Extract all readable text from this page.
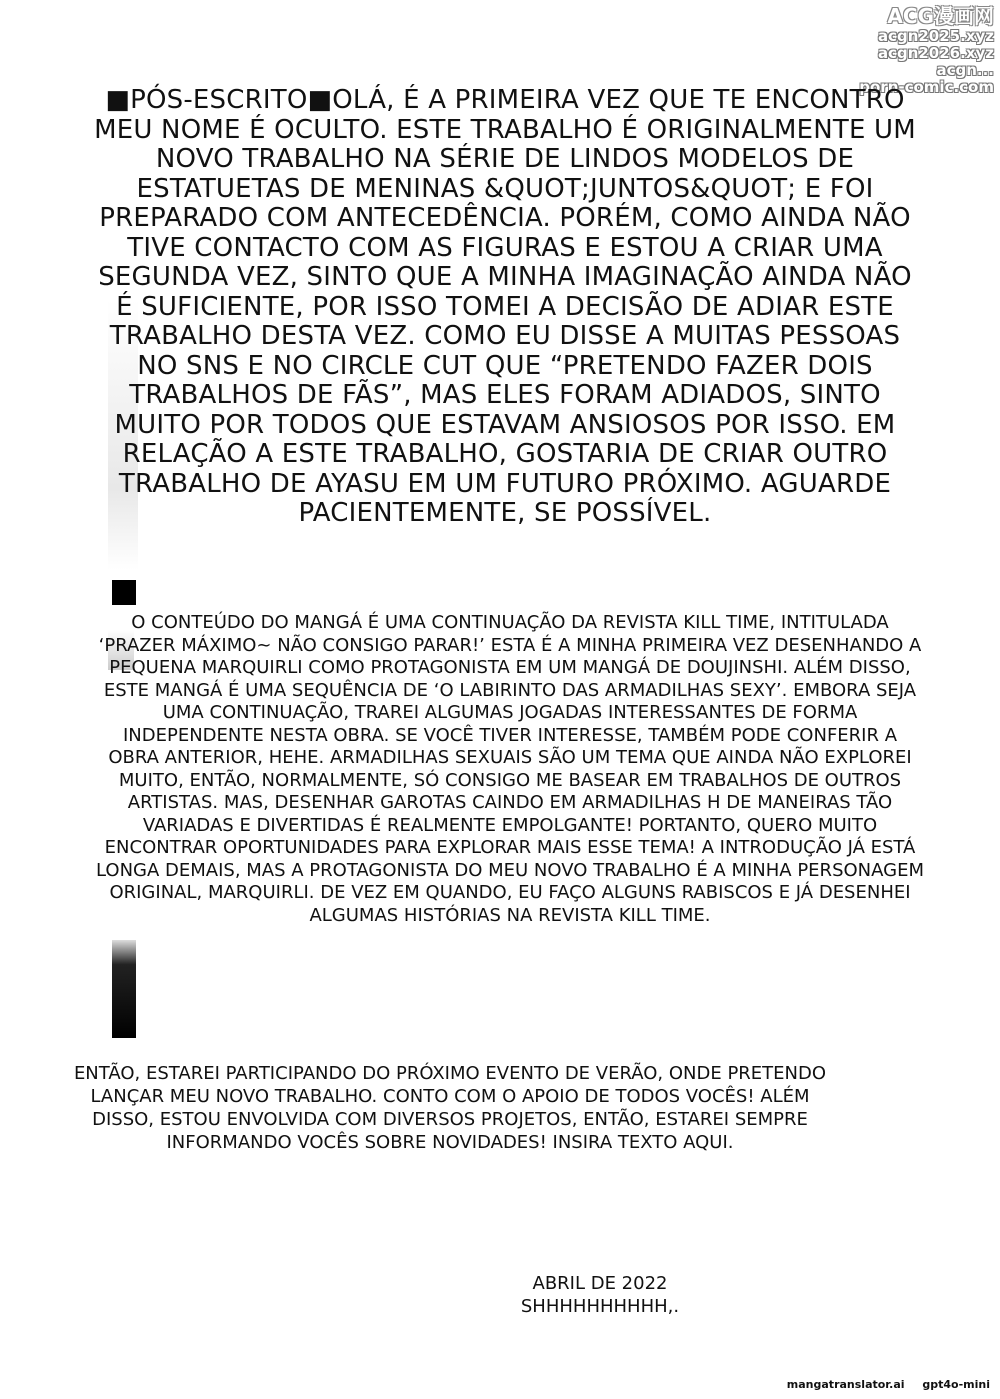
ACG漫画网
acgn2025.xyz
acgn2026.xyz
acgn...
porn-comic.com
■PÓS-ESCRITO■OLÁ, É A PRIMEIRA VEZ QUE TE ENCONTRO MEU NOME É OCULTO. ESTE TRABALHO É ORIGINALMENTE UM NOVO TRABALHO NA SÉRIE DE LINDOS MODELOS DE ESTATUETAS DE MENINAS &QUOT;JUNTOS&QUOT; E FOI PREPARADO COM ANTECEDÊNCIA. PORÉM, COMO AINDA NÃO TIVE CONTACTO COM AS FIGURAS E ESTOU A CRIAR UMA SEGUNDA VEZ, SINTO QUE A MINHA IMAGINAÇÃO AINDA NÃO É SUFICIENTE, POR ISSO TOMEI A DECISÃO DE ADIAR ESTE TRABALHO DESTA VEZ. COMO EU DISSE A MUITAS PESSOAS NO SNS E NO CIRCLE CUT QUE “PRETENDO FAZER DOIS TRABALHOS DE FÃS”, MAS ELES FORAM ADIADOS, SINTO MUITO POR TODOS QUE ESTAVAM ANSIOSOS POR ISSO. EM RELAÇÃO A ESTE TRABALHO, GOSTARIA DE CRIAR OUTRO TRABALHO DE AYASU EM UM FUTURO PRÓXIMO. AGUARDE PACIENTEMENTE, SE POSSÍVEL.
O CONTEÚDO DO MANGÁ É UMA CONTINUAÇÃO DA REVISTA KILL TIME, INTITULADA ‘PRAZER MÁXIMO~ NÃO CONSIGO PARAR!’ ESTA É A MINHA PRIMEIRA VEZ DESENHANDO A PEQUENA MARQUIRLI COMO PROTAGONISTA EM UM MANGÁ DE DOUJINSHI. ALÉM DISSO, ESTE MANGÁ É UMA SEQUÊNCIA DE ‘O LABIRINTO DAS ARMADILHAS SEXY’. EMBORA SEJA UMA CONTINUAÇÃO, TRAREI ALGUMAS JOGADAS INTERESSANTES DE FORMA INDEPENDENTE NESTA OBRA. SE VOCÊ TIVER INTERESSE, TAMBÉM PODE CONFERIR A OBRA ANTERIOR, HEHE. ARMADILHAS SEXUAIS SÃO UM TEMA QUE AINDA NÃO EXPLOREI MUITO, ENTÃO, NORMALMENTE, SÓ CONSIGO ME BASEAR EM TRABALHOS DE OUTROS ARTISTAS. MAS, DESENHAR GAROTAS CAINDO EM ARMADILHAS H DE MANEIRAS TÃO VARIADAS E DIVERTIDAS É REALMENTE EMPOLGANTE! PORTANTO, QUERO MUITO ENCONTRAR OPORTUNIDADES PARA EXPLORAR MAIS ESSE TEMA! A INTRODUÇÃO JÁ ESTÁ LONGA DEMAIS, MAS A PROTAGONISTA DO MEU NOVO TRABALHO É A MINHA PERSONAGEM ORIGINAL, MARQUIRLI. DE VEZ EM QUANDO, EU FAÇO ALGUNS RABISCOS E JÁ DESENHEI ALGUMAS HISTÓRIAS NA REVISTA KILL TIME.
ENTÃO, ESTAREI PARTICIPANDO DO PRÓXIMO EVENTO DE VERÃO, ONDE PRETENDO LANÇAR MEU NOVO TRABALHO. CONTO COM O APOIO DE TODOS VOCÊS! ALÉM DISSO, ESTOU ENVOLVIDA COM DIVERSOS PROJETOS, ENTÃO, ESTAREI SEMPRE INFORMANDO VOCÊS SOBRE NOVIDADES! INSIRA TEXTO AQUI.
ABRIL DE 2022
SHHHHHHHHHH,.
mangatranslator.ai gpt4o-mini
